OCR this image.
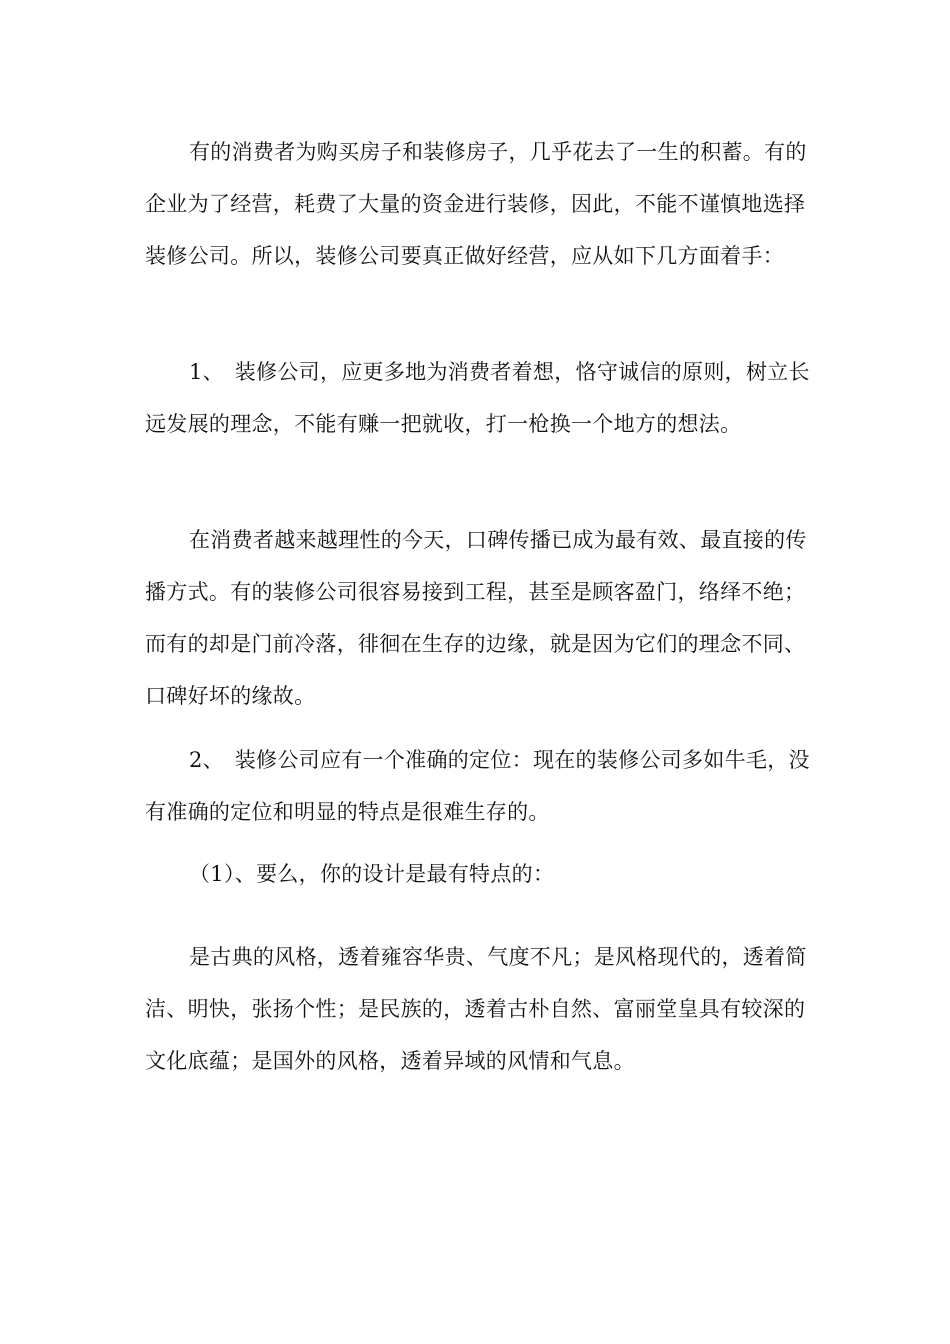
有的消费者为购买房子和装修房子，几乎花去了一生的积蓄。有的企业为了经营，耗费了大量的资金进行装修，因此，不能不谨慎地选择装修公司。所以，装修公司要真正做好经营，应从如下几方面着手：

1、　装修公司，应更多地为消费者着想，恪守诚信的原则，树立长远发展的理念，不能有赚一把就收，打一枪换一个地方的想法。

在消费者越来越理性的今天，口碑传播已成为最有效、最直接的传播方式。有的装修公司很容易接到工程，甚至是顾客盈门，络绎不绝；而有的却是门前冷落，徘徊在生存的边缘，就是因为它们的理念不同、口碑好坏的缘故。

2、　装修公司应有一个准确的定位：现在的装修公司多如牛毛，没有准确的定位和明显的特点是很难生存的。

（1）、要么，你的设计是最有特点的：

是古典的风格，透着雍容华贵、气度不凡；是风格现代的，透着简洁、明快，张扬个性；是民族的，透着古朴自然、富丽堂皇具有较深的文化底蕴；是国外的风格，透着异域的风情和气息。
